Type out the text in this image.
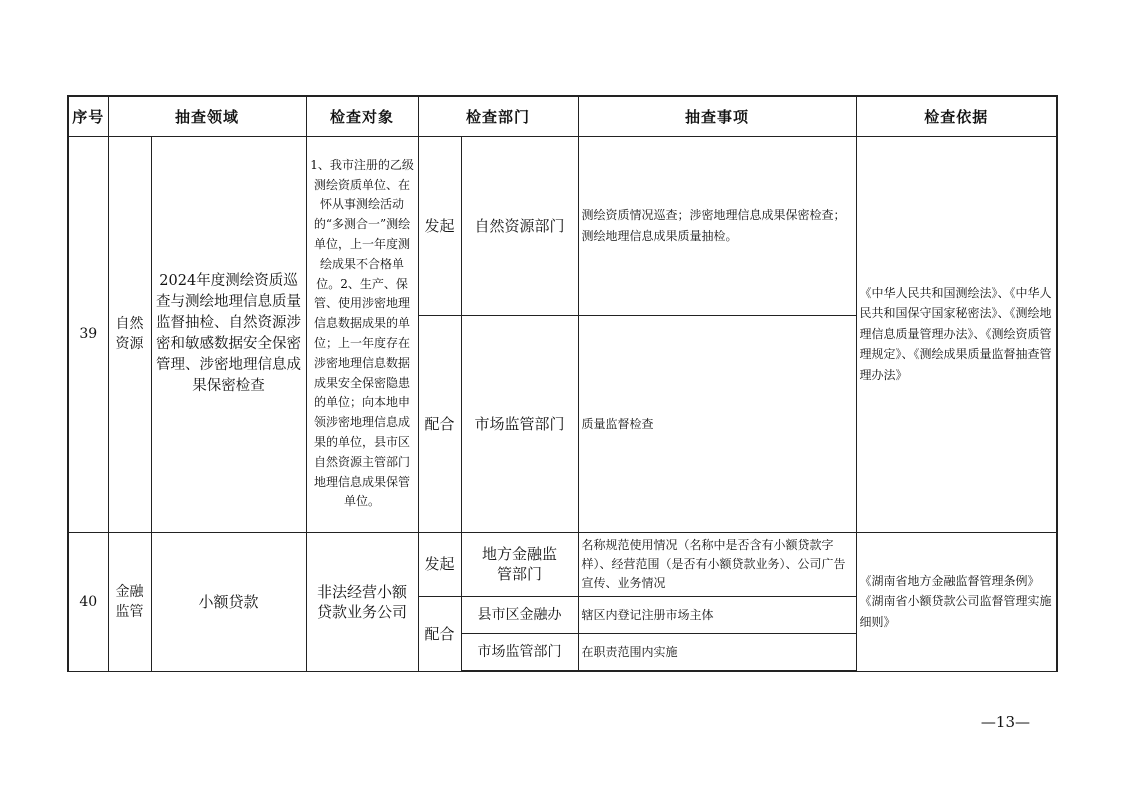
序号	抽查领域		检查对象	检查部门		抽查事项	检查依据
39	自然资源	2024年度测绘资质巡查与测绘地理信息质量监督抽检、自然资源涉密和敏感数据安全保密管理、涉密地理信息成果保密检查	1、我市注册的乙级测绘资质单位、在怀从事测绘活动的“多测合一”测绘单位，上一年度测绘成果不合格单位。2、生产、保管、使用涉密地理信息数据成果的单位；上一年度存在涉密地理信息数据成果安全保密隐患的单位；向本地申领涉密地理信息成果的单位，县市区自然资源主管部门地理信息成果保管单位。	发起	自然资源部门	测绘资质情况巡查；涉密地理信息成果保密检查；测绘地理信息成果质量抽检。	《中华人民共和国测绘法》、《中华人民共和国保守国家秘密法》、《测绘地理信息质量管理办法》、《测绘资质管理规定》、《测绘成果质量监督抽查管理办法》
				配合	市场监管部门	质量监督检查	
40	金融监管	小额贷款	非法经营小额贷款业务公司	发起	地方金融监管部门	名称规范使用情况（名称中是否含有小额贷款字样）、经营范围（是否有小额贷款业务）、公司广告宣传、业务情况	《湖南省地方金融监督管理条例》《湖南省小额贷款公司监督管理实施细则》
				配合	县市区金融办	辖区内登记注册市场主体	
					市场监管部门	在职责范围内实施	
—13—
